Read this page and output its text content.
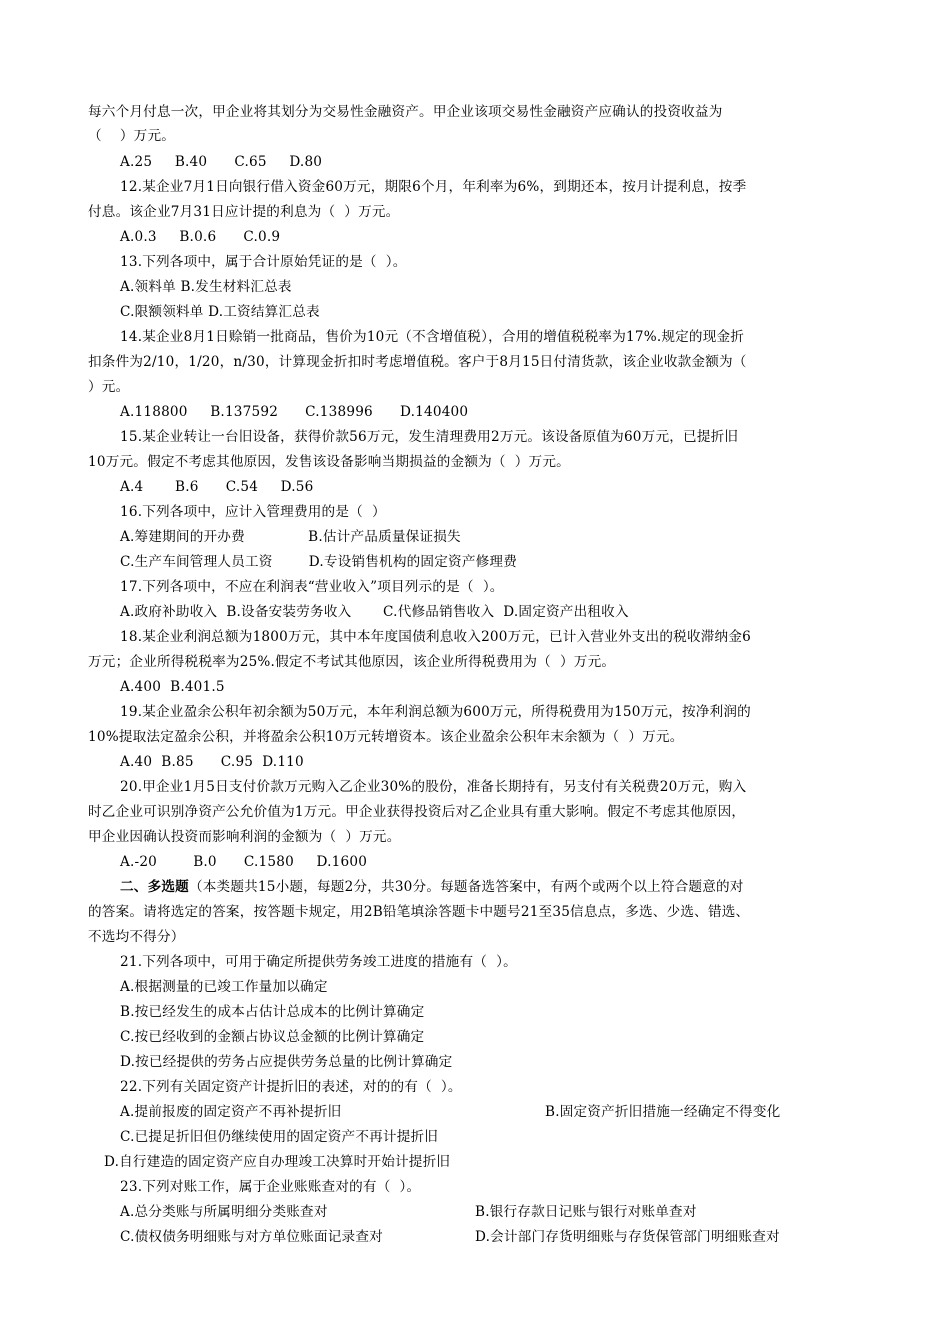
每六个月付息一次，甲企业将其划分为交易性金融资产。甲企业该项交易性金融资产应确认的投资收益为
（    ）万元。
A.25     B.40      C.65     D.80
12.某企业7月1日向银行借入资金60万元，期限6个月，年利率为6%，到期还本，按月计提利息，按季
付息。该企业7月31日应计提的利息为（  ）万元。
A.0.3     B.0.6      C.0.9
13.下列各项中，属于合计原始凭证的是（  ）。
A.领料单 B.发生材料汇总表
C.限额领料单 D.工资结算汇总表
14.某企业8月1日赊销一批商品，售价为10元（不含增值税），合用的增值税税率为17%.规定的现金折
扣条件为2/10，1/20，n/30，计算现金折扣时考虑增值税。客户于8月15日付清货款，该企业收款金额为（
）元。
A.118800     B.137592      C.138996      D.140400
15.某企业转让一台旧设备，获得价款56万元，发生清理费用2万元。该设备原值为60万元，已提折旧
10万元。假定不考虑其他原因，发售该设备影响当期损益的金额为（  ）万元。
A.4       B.6      C.54     D.56
16.下列各项中，应计入管理费用的是（  ）
A.筹建期间的开办费              B.估计产品质量保证损失
C.生产车间管理人员工资        D.专设销售机构的固定资产修理费
17.下列各项中，不应在利润表“营业收入”项目列示的是（  ）。
A.政府补助收入  B.设备安装劳务收入       C.代修品销售收入  D.固定资产出租收入
18.某企业利润总额为1800万元，其中本年度国债利息收入200万元，已计入营业外支出的税收滞纳金6
万元；企业所得税税率为25%.假定不考试其他原因，该企业所得税费用为（  ）万元。
A.400  B.401.5
19.某企业盈余公积年初余额为50万元，本年利润总额为600万元，所得税费用为150万元，按净利润的
10%提取法定盈余公积，并将盈余公积10万元转增资本。该企业盈余公积年末余额为（  ）万元。
A.40  B.85      C.95  D.110
20.甲企业1月5日支付价款万元购入乙企业30%的股份，准备长期持有，另支付有关税费20万元，购入
时乙企业可识别净资产公允价值为1万元。甲企业获得投资后对乙企业具有重大影响。假定不考虑其他原因，
甲企业因确认投资而影响利润的金额为（  ）万元。
A.-20        B.0      C.1580     D.1600
二、多选题（本类题共15小题，每题2分，共30分。每题备选答案中，有两个或两个以上符合题意的对
的答案。请将选定的答案，按答题卡规定，用2B铅笔填涂答题卡中题号21至35信息点，多选、少选、错选、
不选均不得分）
21.下列各项中，可用于确定所提供劳务竣工进度的措施有（  ）。
A.根据测量的已竣工作量加以确定
B.按已经发生的成本占估计总成本的比例计算确定
C.按已经收到的金额占协议总金额的比例计算确定
D.按已经提供的劳务占应提供劳务总量的比例计算确定
22.下列有关固定资产计提折旧的表述，对的的有（  ）。
A.提前报废的固定资产不再补提折旧	B.固定资产折旧措施一经确定不得变化
C.已提足折旧但仍继续使用的固定资产不再计提折旧
D.自行建造的固定资产应自办理竣工决算时开始计提折旧
23.下列对账工作，属于企业账账查对的有（  ）。
A.总分类账与所属明细分类账查对	B.银行存款日记账与银行对账单查对
C.债权债务明细账与对方单位账面记录查对	D.会计部门存货明细账与存货保管部门明细账查对
